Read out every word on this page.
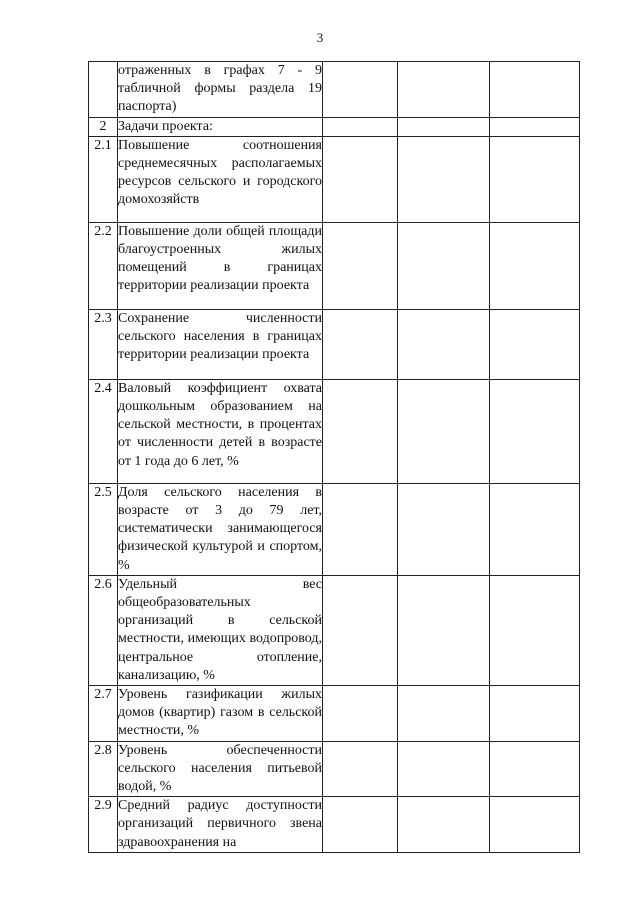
3

	отраженных в графах 7 - 9 табличной формы раздела 19 паспорта)			

2	Задачи проекта:			

2.1	Повышение соотношения среднемесячных располагаемых ресурсов сельского и городского домохозяйств			

2.2	Повышение доли общей площади благоустроенных жилых помещений в границах территории реализации проекта			

2.3	Сохранение численности сельского населения в границах территории реализации проекта			

2.4	Валовый коэффициент охвата дошкольным образованием на сельской местности, в процентах от численности детей в возрасте от 1 года до 6 лет, %			

2.5	Доля сельского населения в возрасте от 3 до 79 лет, систематически занимающегося физической культурой и спортом, %			

2.6	Удельный вес общеобразовательных организаций в сельской местности, имеющих водопровод, центральное отопление, канализацию, %			

2.7	Уровень газификации жилых домов (квартир) газом в сельской местности, %			

2.8	Уровень обеспеченности сельского населения питьевой водой, %			

2.9	Средний радиус доступности организаций первичного звена здравоохранения на			
